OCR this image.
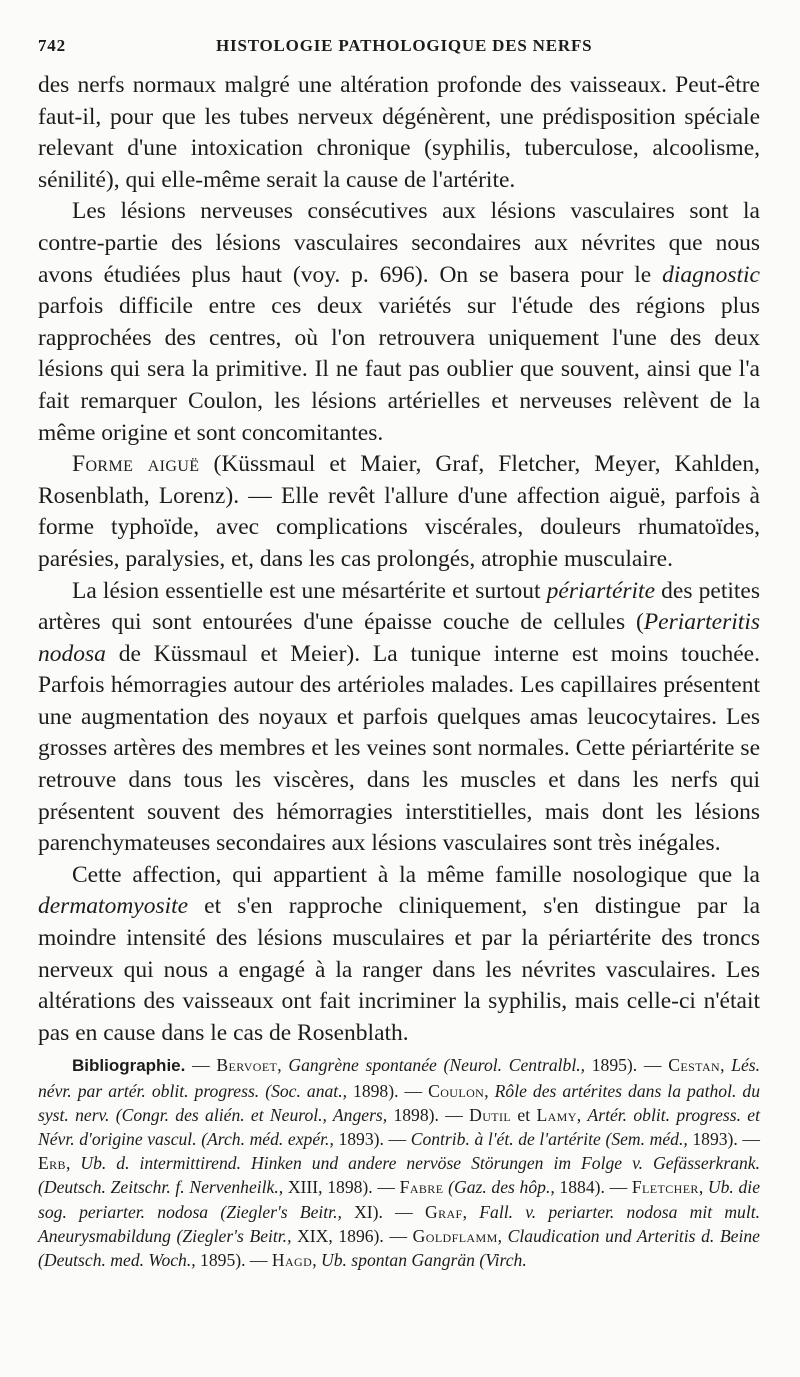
742	HISTOLOGIE PATHOLOGIQUE DES NERFS

des nerfs normaux malgré une altération profonde des vaisseaux. Peut-être faut-il, pour que les tubes nerveux dégénèrent, une prédisposition spéciale relevant d'une intoxication chronique (syphilis, tuberculose, alcoolisme, sénilité), qui elle-même serait la cause de l'artérite.

Les lésions nerveuses consécutives aux lésions vasculaires sont la contre-partie des lésions vasculaires secondaires aux névrites que nous avons étudiées plus haut (voy. p. 696). On se basera pour le diagnostic parfois difficile entre ces deux variétés sur l'étude des régions plus rapprochées des centres, où l'on retrouvera uniquement l'une des deux lésions qui sera la primitive. Il ne faut pas oublier que souvent, ainsi que l'a fait remarquer Coulon, les lésions artérielles et nerveuses relèvent de la même origine et sont concomitantes.

Forme aiguë (Küssmaul et Maier, Graf, Fletcher, Meyer, Kahlden, Rosenblath, Lorenz). — Elle revêt l'allure d'une affection aiguë, parfois à forme typhoïde, avec complications viscérales, douleurs rhumatoïdes, parésies, paralysies, et, dans les cas prolongés, atrophie musculaire.

La lésion essentielle est une mésartérite et surtout périartérite des petites artères qui sont entourées d'une épaisse couche de cellules (Periarteritis nodosa de Küssmaul et Meier). La tunique interne est moins touchée. Parfois hémorragies autour des artérioles malades. Les capillaires présentent une augmentation des noyaux et parfois quelques amas leucocytaires. Les grosses artères des membres et les veines sont normales. Cette périartérite se retrouve dans tous les viscères, dans les muscles et dans les nerfs qui présentent souvent des hémorragies interstitielles, mais dont les lésions parenchymateuses secondaires aux lésions vasculaires sont très inégales.

Cette affection, qui appartient à la même famille nosologique que la dermatomyosite et s'en rapproche cliniquement, s'en distingue par la moindre intensité des lésions musculaires et par la périartérite des troncs nerveux qui nous a engagé à la ranger dans les névrites vasculaires. Les altérations des vaisseaux ont fait incriminer la syphilis, mais celle-ci n'était pas en cause dans le cas de Rosenblath.

Bibliographie. — Bervoet, Gangrène spontanée (Neurol. Centralbl., 1895). — Cestan, Lés. névr. par artér. oblit. progress. (Soc. anat., 1898). — Coulon, Rôle des artérites dans la pathol. du syst. nerv. (Congr. des alién. et Neurol., Angers, 1898). — Dutil et Lamy, Artér. oblit. progress. et Névr. d'origine vascul. (Arch. méd. expér., 1893). — Contrib. à l'ét. de l'artérite (Sem. méd., 1893). — Erb, Ub. d. intermittirend. Hinken und andere nervöse Störungen im Folge v. Gefässerkrank. (Deutsch. Zeitschr. f. Nervenheilk., XIII, 1898). — Fabre (Gaz. des hôp., 1884). — Fletcher, Ub. die sog. periarter. nodosa (Ziegler's Beitr., XI). — Graf, Fall. v. periarter. nodosa mit mult. Aneurysmabildung (Ziegler's Beitr., XIX, 1896). — Goldflamm, Claudication und Arteritis d. Beine (Deutsch. med. Woch., 1895). — Hagd, Ub. spontan Gangrän (Virch.
